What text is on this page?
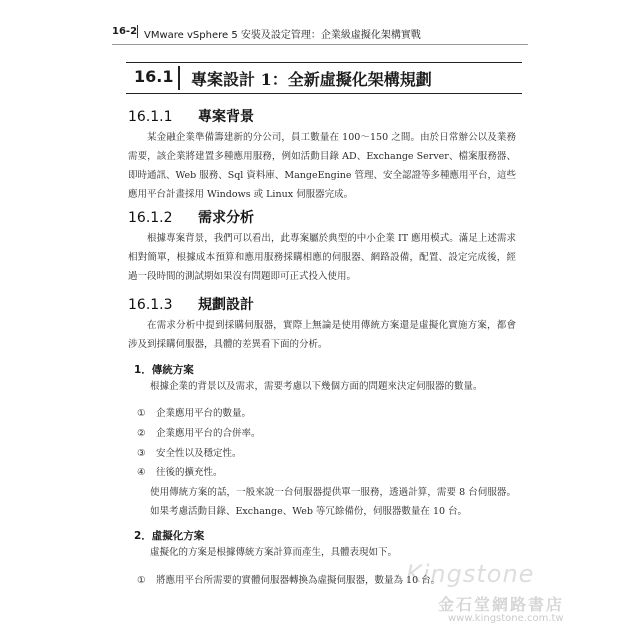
16-2 VMware vSphere 5 安裝及設定管理：企業級虛擬化架構實戰
16.1 專案設計 1：全新虛擬化架構規劃
16.1.1 專案背景

某金融企業準備籌建新的分公司，員工數量在 100～150 之間。由於日常辦公以及業務需要，該企業將建置多種應用服務，例如活動目錄 AD、Exchange Server、檔案服務器、即時通訊、Web 服務、Sql 資料庫、MangeEngine 管理、安全認證等多種應用平台，這些應用平台計畫採用 Windows 或 Linux 伺服器完成。

16.1.2 需求分析

根據專案背景，我們可以看出，此專案屬於典型的中小企業 IT 應用模式。滿足上述需求相對簡單，根據成本預算和應用服務採購相應的伺服器、網路設備，配置、設定完成後，經過一段時間的測試期如果沒有問題即可正式投入使用。

16.1.3 規劃設計

在需求分析中提到採購伺服器，實際上無論是使用傳統方案還是虛擬化實施方案，都會涉及到採購伺服器，具體的差異看下面的分析。

1．傳統方案

根據企業的背景以及需求，需要考慮以下幾個方面的問題來決定伺服器的數量。

① 企業應用平台的數量。
② 企業應用平台的合併率。
③ 安全性以及穩定性。
④ 往後的擴充性。

使用傳統方案的話，一般來說一台伺服器提供單一服務，透過計算，需要 8 台伺服器。如果考慮活動目錄、Exchange、Web 等冗餘備份，伺服器數量在 10 台。

2．虛擬化方案

虛擬化的方案是根據傳統方案計算而產生，具體表現如下。

① 將應用平台所需要的實體伺服器轉換為虛擬伺服器，數量為 10 台。
Kingstone
金石堂網路書店
www.kingstone.com.tw
